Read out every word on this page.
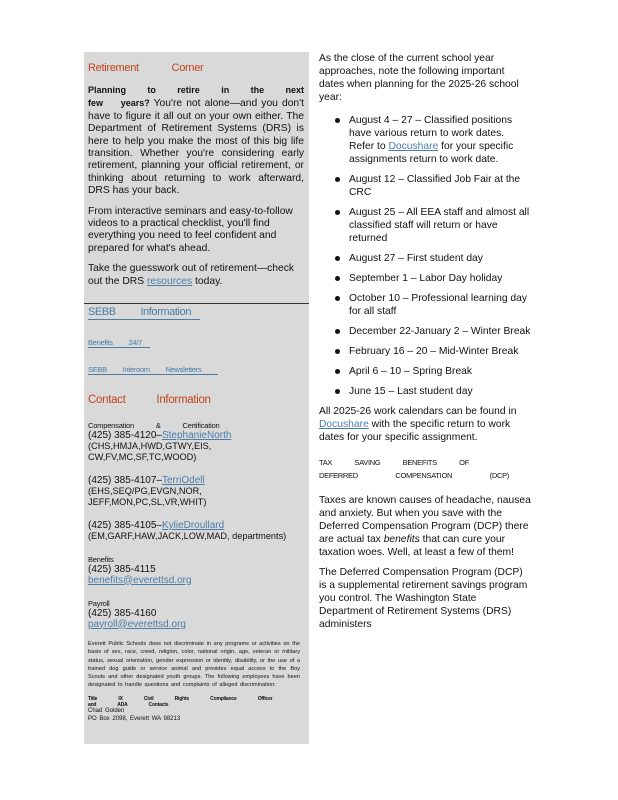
Retirement Corner

Planning to retire in the next few years? You're not alone—and you don't have to figure it all out on your own either. The Department of Retirement Systems (DRS) is here to help you make the most of this big life transition. Whether you're considering early retirement, planning your official retirement, or thinking about returning to work afterward, DRS has your back.

From interactive seminars and easy-to-follow videos to a practical checklist, you'll find everything you need to feel confident and prepared for what's ahead.

Take the guesswork out of retirement—check out the DRS resources today.

SEBB Information
Benefits 24/7
SEBB Interoom Newsletters
Contact Information
Compensation & Certification
(425) 385-4120–StephanieNorth
(CHS,HMJA,HWD,GTWY,EIS, CW,FV,MC,SF,TC,WOOD)
(425) 385-4107–TerriOdell
(EHS,SEQ/PG,EVGN,NOR, JEFF,MON,PC,SL,VR,WHIT)
(425) 385-4105–KylieDroullard
(EM,GARF,HAW,JACK,LOW,MAD, departments)
Benefits
(425) 385-4115
benefits@everettsd.org
Payroll
(425) 385-4160
payroll@everettsd.org
Everett Public Schools does not discriminate in any programs or activities on the basis of sex, race, creed, religion, color, national origin, age, veteran or military status, sexual orientation, gender expression or identity, disability, or the use of a trained dog guide or service animal and provides equal access to the Boy Scouts and other designated youth groups. The following employees have been designated to handle questions and complaints of alleged discrimination:
Title IX Civil Rights Compliance Officer and ADA Contacts
Chad Golden
PO Box 2098, Everett WA 98213

As the close of the current school year approaches, note the following important dates when planning for the 2025-26 school year:

August 4 – 27 – Classified positions have various return to work dates. Refer to Docushare for your specific assignments return to work date.
August 12 – Classified Job Fair at the CRC
August 25 – All EEA staff and almost all classified staff will return or have returned
August 27 – First student day
September 1 – Labor Day holiday
October 10 – Professional learning day for all staff
December 22-January 2 – Winter Break
February 16 – 20 – Mid-Winter Break
April 6 – 10 – Spring Break
June 15 – Last student day

All 2025-26 work calendars can be found in Docushare with the specific return to work dates for your specific assignment.

TAX	SAVING	BENEFITS	OF
DEFERRED	COMPENSATION	(DCP)

Taxes are known causes of headache, nausea and anxiety. But when you save with the Deferred Compensation Program (DCP) there are actual tax benefits that can cure your taxation woes. Well, at least a few of them!

The Deferred Compensation Program (DCP) is a supplemental retirement savings program you control. The Washington State Department of Retirement Systems (DRS) administers
